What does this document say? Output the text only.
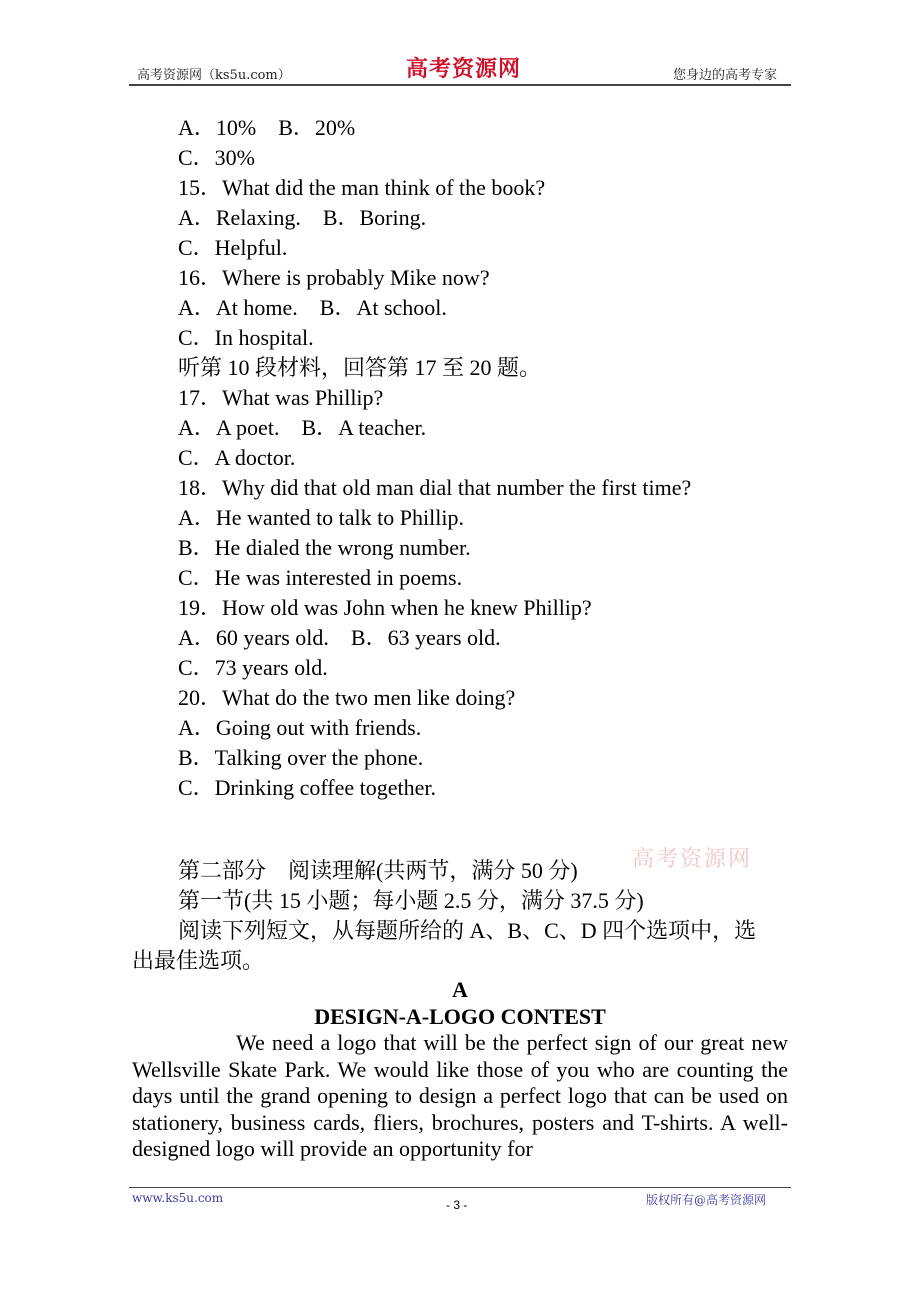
高考资源网（ks5u.com）	高考资源网	您身边的高考专家
A．10%　B．20%
C．30%
15．What did the man think of the book?
A．Relaxing.　B．Boring.
C．Helpful.
16．Where is probably Mike now?
A．At home.　B．At school.
C．In hospital.
听第 10 段材料，回答第 17 至 20 题。
17．What was Phillip?
A．A poet.　B．A teacher.
C．A doctor.
18．Why did that old man dial that number the first time?
A．He wanted to talk to Phillip.
B．He dialed the wrong number.
C．He was interested in poems.
19．How old was John when he knew Phillip?
A．60 years old.　B．63 years old.
C．73 years old.
20．What do the two men like doing?
A．Going out with friends.
B．Talking over the phone.
C．Drinking coffee together.
第二部分　阅读理解(共两节，满分 50 分)
第一节(共 15 小题；每小题 2.5 分，满分 37.5 分)
阅读下列短文，从每题所给的 A、B、C、D 四个选项中，选
出最佳选项。
高考资源网
A
DESIGN-A-LOGO CONTEST
We need a logo that will be the perfect sign of our great new Wellsville Skate Park. We would like those of you who are counting the days until the grand opening to design a perfect logo that can be used on stationery, business cards, fliers, brochures, posters and T-shirts. A well-designed logo will provide an opportunity for
www.ks5u.com	- 3 -	版权所有@高考资源网
